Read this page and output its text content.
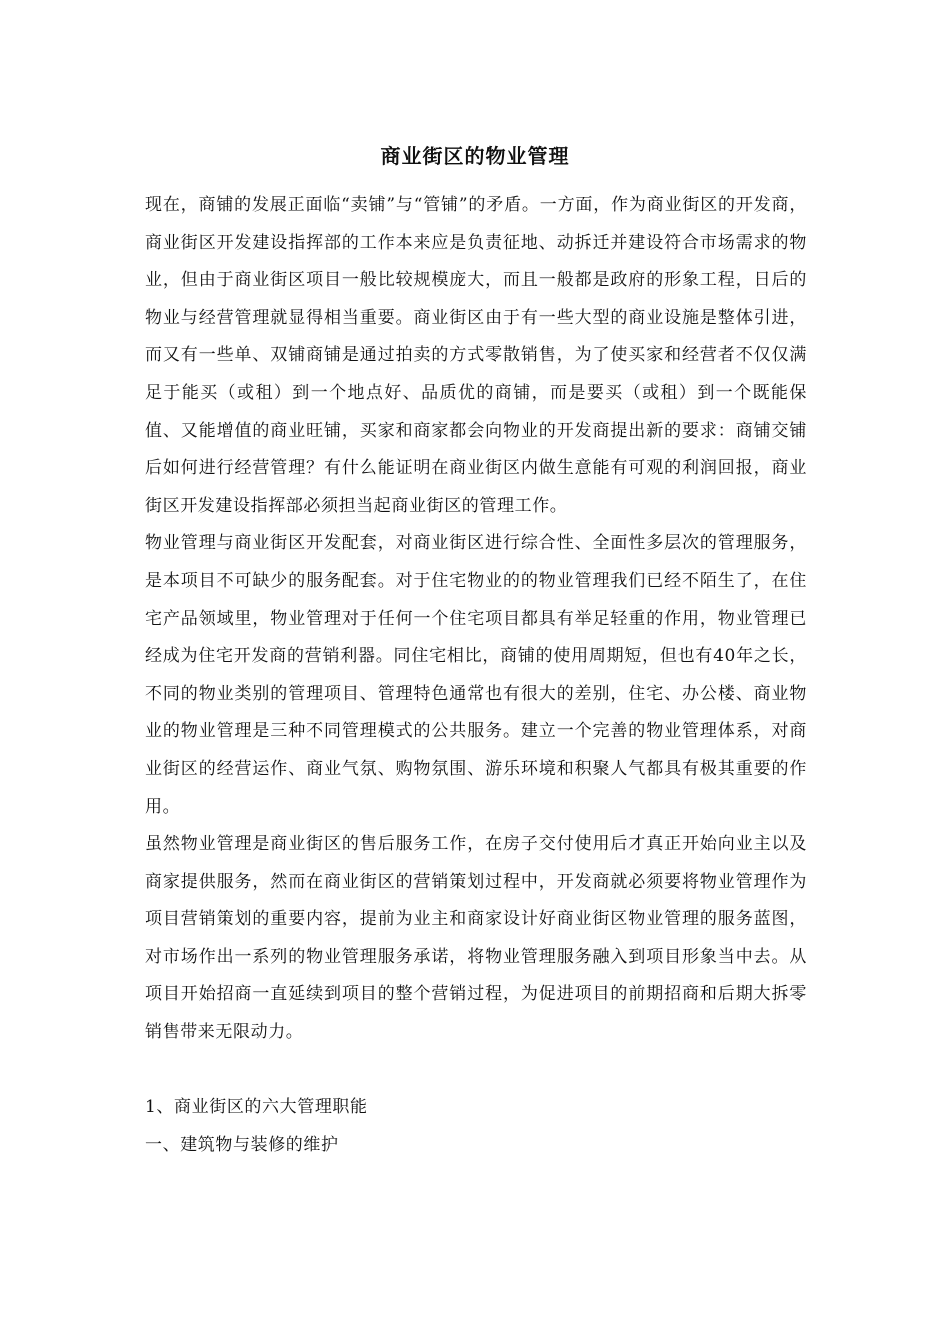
商业街区的物业管理

现在，商铺的发展正面临“卖铺”与“管铺”的矛盾。一方面，作为商业街区的开发商，商业街区开发建设指挥部的工作本来应是负责征地、动拆迁并建设符合市场需求的物业，但由于商业街区项目一般比较规模庞大，而且一般都是政府的形象工程，日后的物业与经营管理就显得相当重要。商业街区由于有一些大型的商业设施是整体引进，而又有一些单、双铺商铺是通过拍卖的方式零散销售，为了使买家和经营者不仅仅满足于能买（或租）到一个地点好、品质优的商铺，而是要买（或租）到一个既能保值、又能增值的商业旺铺，买家和商家都会向物业的开发商提出新的要求：商铺交铺后如何进行经营管理？有什么能证明在商业街区内做生意能有可观的利润回报，商业街区开发建设指挥部必须担当起商业街区的管理工作。

物业管理与商业街区开发配套，对商业街区进行综合性、全面性多层次的管理服务，是本项目不可缺少的服务配套。对于住宅物业的的物业管理我们已经不陌生了，在住宅产品领域里，物业管理对于任何一个住宅项目都具有举足轻重的作用，物业管理已经成为住宅开发商的营销利器。同住宅相比，商铺的使用周期短，但也有40年之长，不同的物业类别的管理项目、管理特色通常也有很大的差别，住宅、办公楼、商业物业的物业管理是三种不同管理模式的公共服务。建立一个完善的物业管理体系，对商业街区的经营运作、商业气氛、购物氛围、游乐环境和积聚人气都具有极其重要的作用。

虽然物业管理是商业街区的售后服务工作，在房子交付使用后才真正开始向业主以及商家提供服务，然而在商业街区的营销策划过程中，开发商就必须要将物业管理作为项目营销策划的重要内容，提前为业主和商家设计好商业街区物业管理的服务蓝图，对市场作出一系列的物业管理服务承诺，将物业管理服务融入到项目形象当中去。从项目开始招商一直延续到项目的整个营销过程，为促进项目的前期招商和后期大拆零销售带来无限动力。

1、商业街区的六大管理职能

一、建筑物与装修的维护
